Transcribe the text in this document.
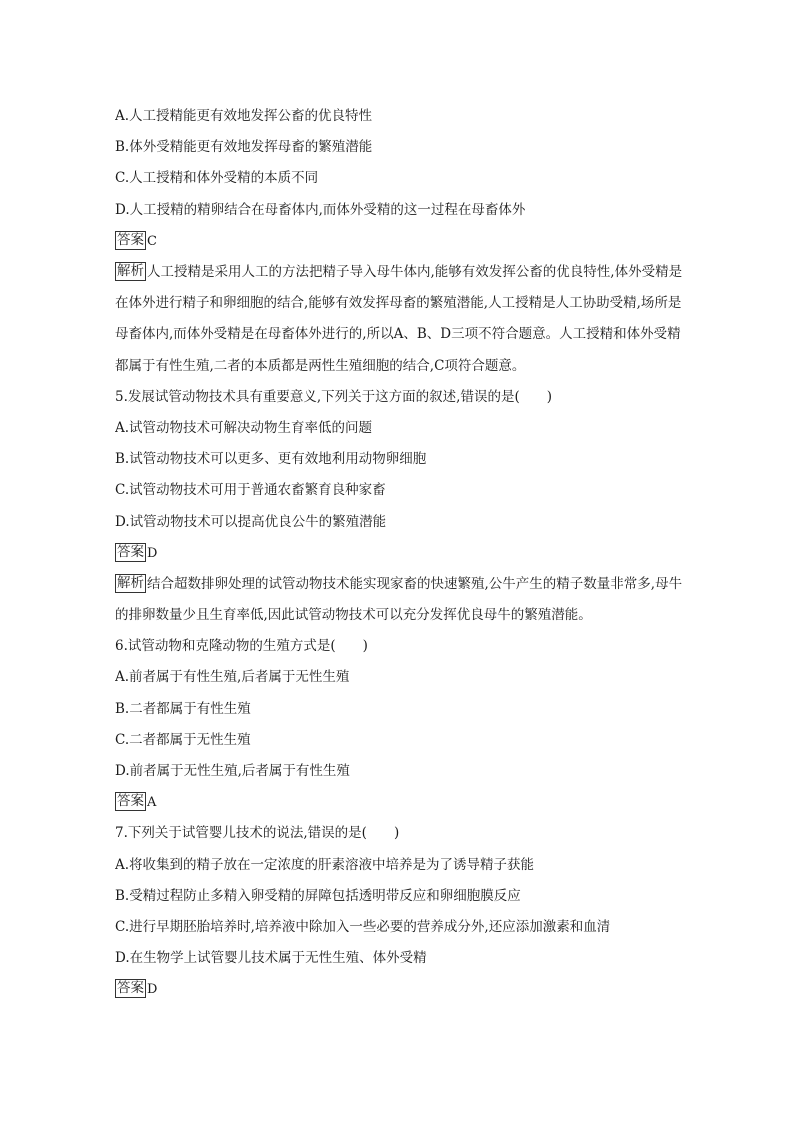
A.人工授精能更有效地发挥公畜的优良特性
B.体外受精能更有效地发挥母畜的繁殖潜能
C.人工授精和体外受精的本质不同
D.人工授精的精卵结合在母畜体内,而体外受精的这一过程在母畜体外
答案 C
解析 人工授精是采用人工的方法把精子导入母牛体内,能够有效发挥公畜的优良特性,体外受精是在体外进行精子和卵细胞的结合,能够有效发挥母畜的繁殖潜能,人工授精是人工协助受精,场所是母畜体内,而体外受精是在母畜体外进行的,所以A、B、D三项不符合题意。人工授精和体外受精都属于有性生殖,二者的本质都是两性生殖细胞的结合,C项符合题意。
5.发展试管动物技术具有重要意义,下列关于这方面的叙述,错误的是(　　)
A.试管动物技术可解决动物生育率低的问题
B.试管动物技术可以更多、更有效地利用动物卵细胞
C.试管动物技术可用于普通农畜繁育良种家畜
D.试管动物技术可以提高优良公牛的繁殖潜能
答案 D
解析 结合超数排卵处理的试管动物技术能实现家畜的快速繁殖,公牛产生的精子数量非常多,母牛的排卵数量少且生育率低,因此试管动物技术可以充分发挥优良母牛的繁殖潜能。
6.试管动物和克隆动物的生殖方式是(　　)
A.前者属于有性生殖,后者属于无性生殖
B.二者都属于有性生殖
C.二者都属于无性生殖
D.前者属于无性生殖,后者属于有性生殖
答案 A
7.下列关于试管婴儿技术的说法,错误的是(　　)
A.将收集到的精子放在一定浓度的肝素溶液中培养是为了诱导精子获能
B.受精过程防止多精入卵受精的屏障包括透明带反应和卵细胞膜反应
C.进行早期胚胎培养时,培养液中除加入一些必要的营养成分外,还应添加激素和血清
D.在生物学上试管婴儿技术属于无性生殖、体外受精
答案 D
